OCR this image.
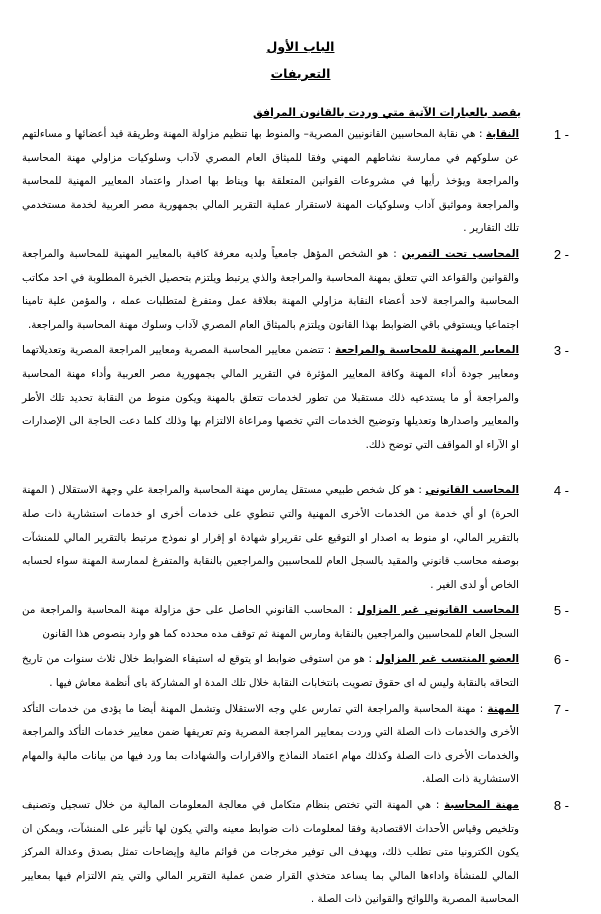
الباب الأول
التعريفات
يقصد بالعبارات الآتية متي وردت بالقانون المرافق
1 -
النقابة : هي نقابة المحاسبين القانونيين المصرية– والمنوط بها تنظيم مزاولة المهنة وطريقة قيد أعضائها و مساءلتهم عن سلوكهم في ممارسة نشاطهم المهني وفقا للميثاق العام المصري لآداب وسلوكيات مزاولي مهنة المحاسبة والمراجعة ويؤخذ رأيها في مشروعات القوانين المتعلقة بها ويناط بها اصدار واعتماد المعايير المهنية للمحاسبة والمراجعة ومواثيق آداب وسلوكيات المهنة لاستقرار عملية التقرير المالي بجمهورية مصر العربية لخدمة مستخدمي تلك التقارير .
2 -
المحاسب تحت التمرين : هو الشخص المؤهل جامعياً ولديه معرفة كافية بالمعايير المهنية للمحاسبة والمراجعة والقوانين والقواعد التي تتعلق بمهنة المحاسبة والمراجعة والذي يرتبط ويلتزم بتحصيل الخبرة المطلوبة في احد مكاتب المحاسبة والمراجعة لاحد أعضاء النقابة مزاولي المهنة بعلاقة عمل ومتفرغ لمتطلبات عمله ، والمؤمن علية تامينا اجتماعيا ويستوفي باقي الضوابط بهذا القانون ويلتزم بالميثاق العام المصري لآداب وسلوك مهنة المحاسبة والمراجعة.
3 -
المعايير المهنية للمحاسبة والمراجعة : تتضمن معايير المحاسبة المصرية ومعايير المراجعة المصرية وتعديلاتهما ومعايير جودة أداء المهنة وكافة المعايير المؤثرة في التقرير المالي بجمهورية مصر العربية وأداء مهنة المحاسبة والمراجعة أو ما يستدعيه ذلك مستقبلا من تطور لخدمات تتعلق بالمهنة ويكون منوط من النقابة تحديد تلك الأطر والمعايير واصدارها وتعديلها وتوضيح الخدمات التي تخصها ومراعاة الالتزام بها وذلك كلما دعت الحاجة الى الإصدارات او الآراء او المواقف التي توضح ذلك.
4 -
المحاسب القانوني : هو كل شخص طبيعي مستقل يمارس مهنة المحاسبة والمراجعة علي وجهة الاستقلال ( المهنة الحرة) او أي خدمة من الخدمات الأخرى المهنية والتي تنطوي على خدمات أخرى او خدمات استشارية ذات صلة بالتقرير المالي، او منوط به اصدار او التوقيع على تقريراو شهادة او إقرار او نموذج مرتبط بالتقرير المالي للمنشآت بوصفه محاسب قانوني والمقيد بالسجل العام للمحاسبين والمراجعين بالنقابة والمتفرغ لممارسة المهنة سواء لحسابه الخاص أو لدى الغير .
5 -
المحاسب القانوني غير المزاول : المحاسب القانوني الحاصل على حق مزاولة مهنة المحاسبة والمراجعة من السجل العام للمحاسبين والمراجعين بالنقابة ومارس المهنة ثم توقف مده محدده كما هو وارد بنصوص هذا القانون
6 -
العضو المنتسب غير المزاول : هو من استوفى ضوابط او يتوقع له استيفاء الضوابط خلال ثلاث سنوات من تاريخ التحاقه بالنقابة وليس له اى حقوق تصويت بانتخابات النقابة خلال تلك المدة او المشاركة باى أنظمة معاش فيها .
7 -
المهنة : مهنة المحاسبة والمراجعة التي تمارس علي وجه الاستقلال وتشمل المهنة أيضا ما يؤدى من خدمات التأكد الأخرى والخدمات ذات الصلة التي وردت بمعايير المراجعة المصرية وتم تعريفها ضمن معايير خدمات التأكد والمراجعة والخدمات الأخرى ذات الصلة وكذلك مهام اعتماد النماذج والاقرارات والشهادات بما ورد فيها من بيانات مالية والمهام الاستشارية ذات الصلة.
8 -
مهنة المحاسبة : هي المهنة التي تختص بنظام متكامل في معالجة المعلومات المالية من خلال تسجيل وتصنيف وتلخيص وقياس الأحداث الاقتصادية وفقا لمعلومات ذات ضوابط معينه والتي يكون لها تأثير على المنشآت، ويمكن ان يكون الكترونيا متى تطلب ذلك، ويهدف الى توفير مخرجات من قوائم مالية وإيضاحات تمثل بصدق وعدالة المركز المالي للمنشأة واداءها المالي بما يساعد متخذي القرار ضمن عملية التقرير المالي والتي يتم الالتزام فيها بمعايير المحاسبة المصرية واللوائح والقوانين ذات الصلة .
